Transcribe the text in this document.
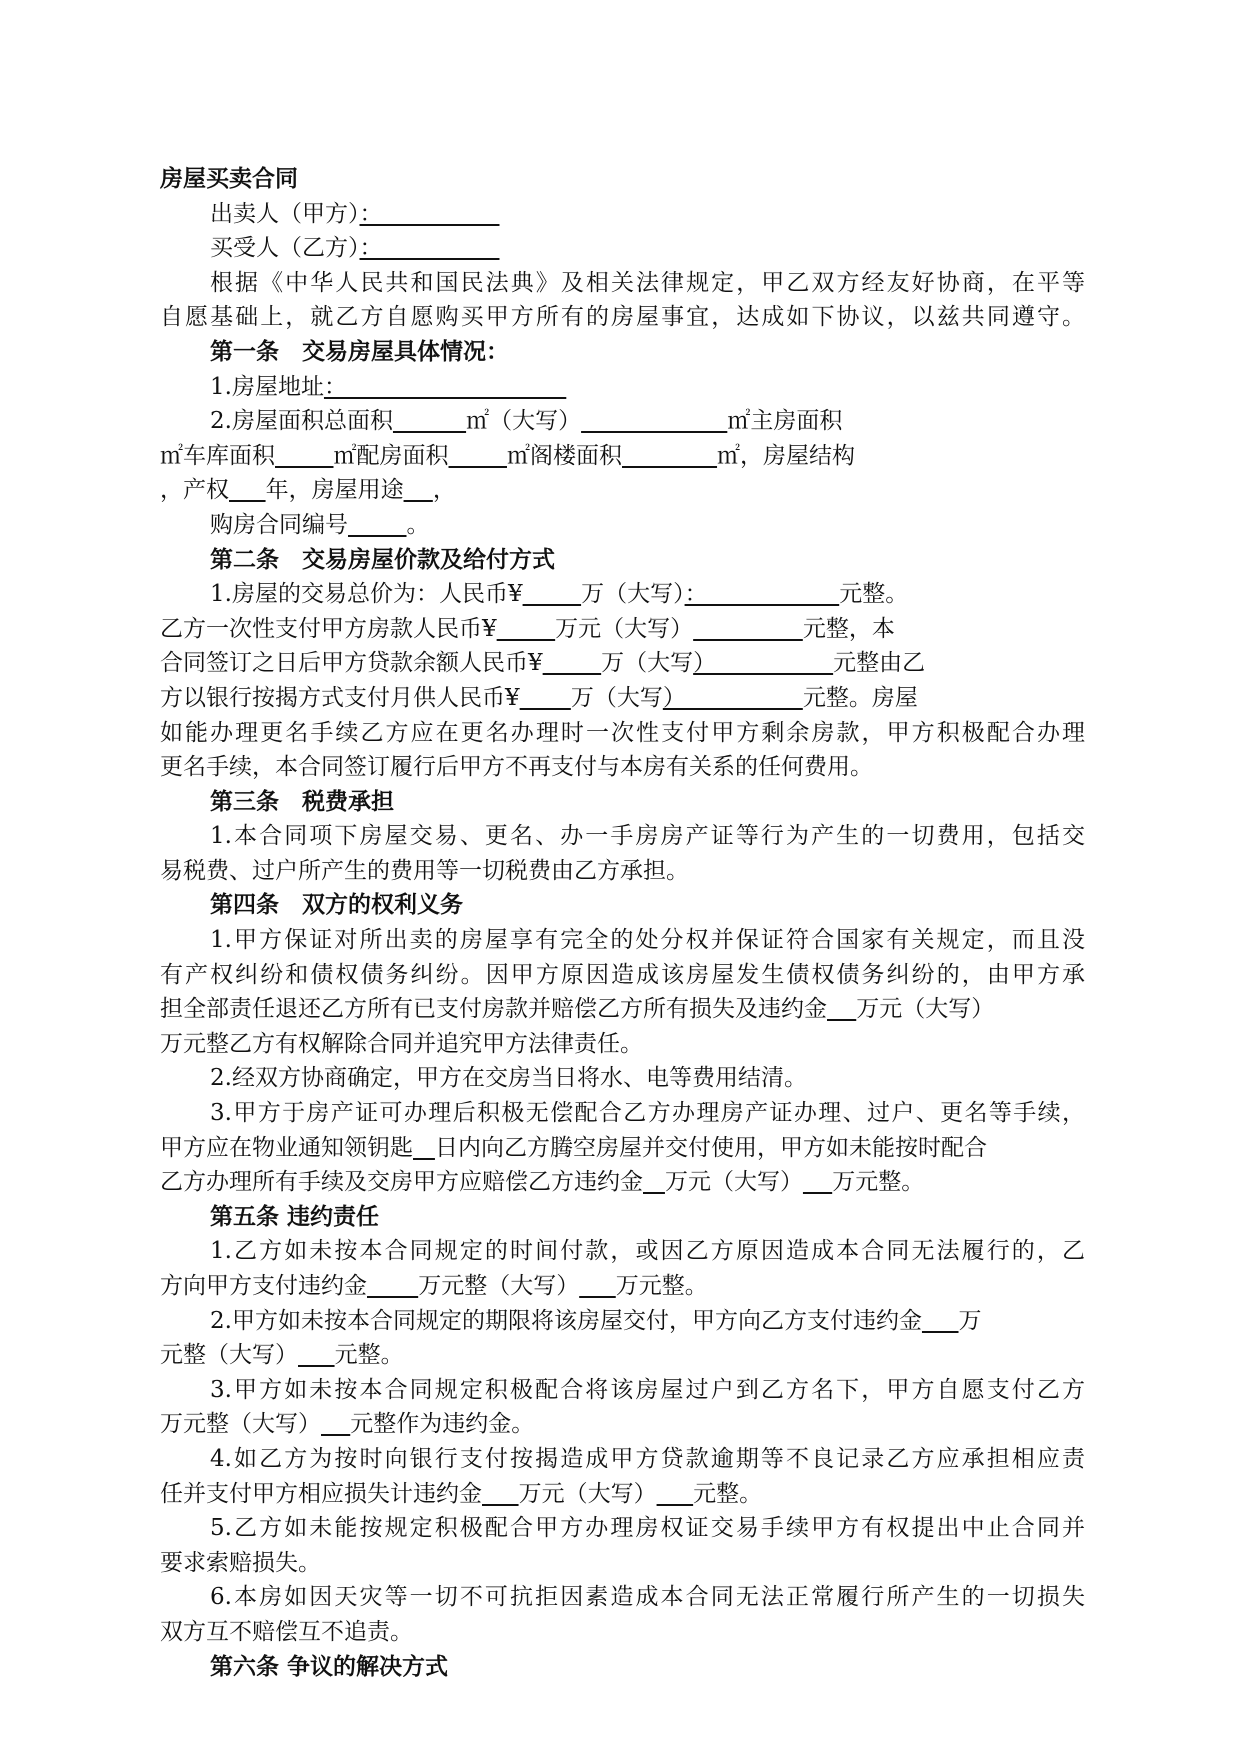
房屋买卖合同
出卖人（甲方）：
买受人（乙方）：
根据《中华人民共和国民法典》及相关法律规定，甲乙双方经友好协商，在平等
自愿基础上，就乙方自愿购买甲方所有的房屋事宜，达成如下协议，以兹共同遵守。
第一条　交易房屋具体情况：
1.房屋地址：
2.房屋面积总面积	㎡（大写）	㎡主房面积
㎡车库面积	㎡配房面积	㎡阁楼面积	㎡，房屋结构
，产权 年，房屋用途 ，
购房合同编号	。
第二条　交易房屋价款及给付方式
1.房屋的交易总价为：人民币¥	万（大写）：                  元整。
乙方一次性支付甲方房款人民币¥	万元（大写）	元整，本
合同签订之日后甲方贷款余额人民币¥	万（大写）                元整由乙
方以银行按揭方式支付月供人民币¥ 万（大写）                元整。房屋
如能办理更名手续乙方应在更名办理时一次性支付甲方剩余房款，甲方积极配合办理
更名手续，本合同签订履行后甲方不再支付与本房有关系的任何费用。
第三条　税费承担
1.本合同项下房屋交易、更名、办一手房房产证等行为产生的一切费用，包括交
易税费、过户所产生的费用等一切税费由乙方承担。
第四条　双方的权利义务
1.甲方保证对所出卖的房屋享有完全的处分权并保证符合国家有关规定，而且没
有产权纠纷和债权债务纠纷。因甲方原因造成该房屋发生债权债务纠纷的，由甲方承
担全部责任退还乙方所有已支付房款并赔偿乙方所有损失及违约金 万元（大写）
万元整乙方有权解除合同并追究甲方法律责任。
2.经双方协商确定，甲方在交房当日将水、电等费用结清。
3.甲方于房产证可办理后积极无偿配合乙方办理房产证办理、过户、更名等手续，
甲方应在物业通知领钥匙 日内向乙方腾空房屋并交付使用，甲方如未能按时配合
乙方办理所有手续及交房甲方应赔偿乙方违约金 万元（大写） 万元整。
第五条 违约责任
1.乙方如未按本合同规定的时间付款，或因乙方原因造成本合同无法履行的，乙
方向甲方支付违约金 万元整（大写） 万元整。
2.甲方如未按本合同规定的期限将该房屋交付，甲方向乙方支付违约金 万
元整（大写） 元整。
3.甲方如未按本合同规定积极配合将该房屋过户到乙方名下，甲方自愿支付乙方
万元整（大写） 元整作为违约金。
4.如乙方为按时向银行支付按揭造成甲方贷款逾期等不良记录乙方应承担相应责
任并支付甲方相应损失计违约金 万元（大写） 元整。
5.乙方如未能按规定积极配合甲方办理房权证交易手续甲方有权提出中止合同并
要求索赔损失。
6.本房如因天灾等一切不可抗拒因素造成本合同无法正常履行所产生的一切损失
双方互不赔偿互不追责。
第六条 争议的解决方式
